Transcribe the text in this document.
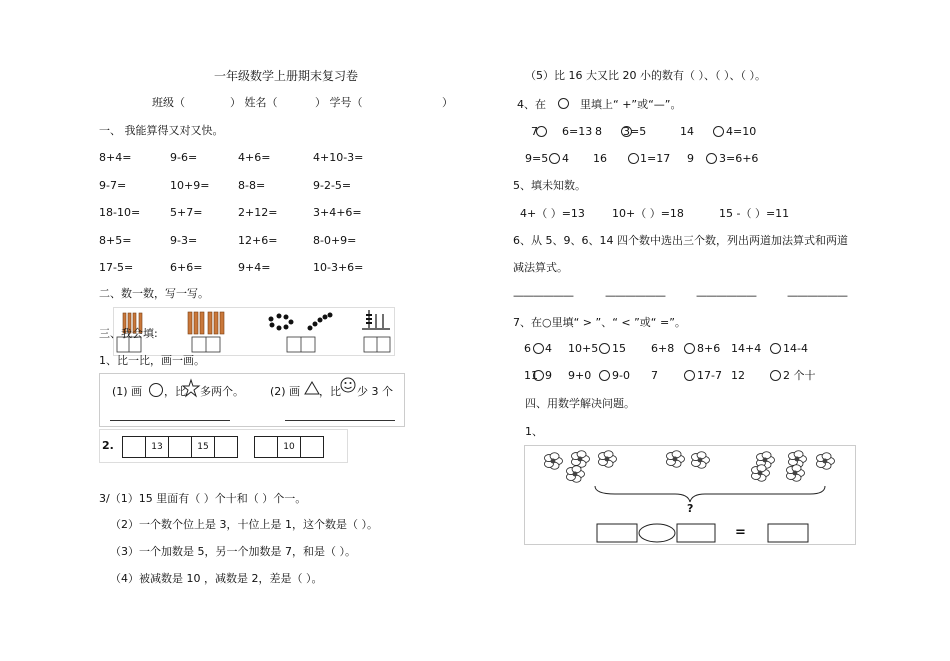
一年级数学上册期末复习卷
班级（	） 姓名（	） 学号（	）
一、 我能算得又对又快。
8+4=	9-6=	4+6=	4+10-3=
9-7=	10+9=	8-8=	9-2-5=
18-10=	5+7=	2+12=	3+4+6=
8+5=	9-3=	12+6=	8-0+9=
17-5=	6+6=	9+4=	10-3+6=
二、数一数，写一写。
三、我会填:
1、比一比，画一画。
(1) 画 ，比 多两个。 (2) 画 ，比 少 3 个
2.	13	15	10
3/（1）15 里面有（ ）个十和（ ）个一。
（2）一个数个位上是 3，十位上是 1，这个数是（ ）。
（3）一个加数是 5，另一个加数是 7，和是（ ）。
（4）被减数是 10 ，减数是 2，差是（ ）。
（5）比 16 大又比 20 小的数有（ ）、（ ）、（ ）。
4、在	里填上“ +”或“—”。
7 6=13 8 3=5	14	4=10
9=5 4 16	1=17 9 3=6+6
5、填未知数。
4+（ ）=13 10+（ ）=18	15 -（ ）=11
6、从 5、9、6、14 四个数中选出三个数，列出两道加法算式和两道
减法算式。
——————	——————	——————	——————
7、在○里填“ > ”、“ < ”或“ =”。
6 4 10+5 15 6+8 8+6 14+4 14-4
11 9 9+0 9-0 7	17-7 12	2 个十
四、用数学解决问题。
1、
?
=
